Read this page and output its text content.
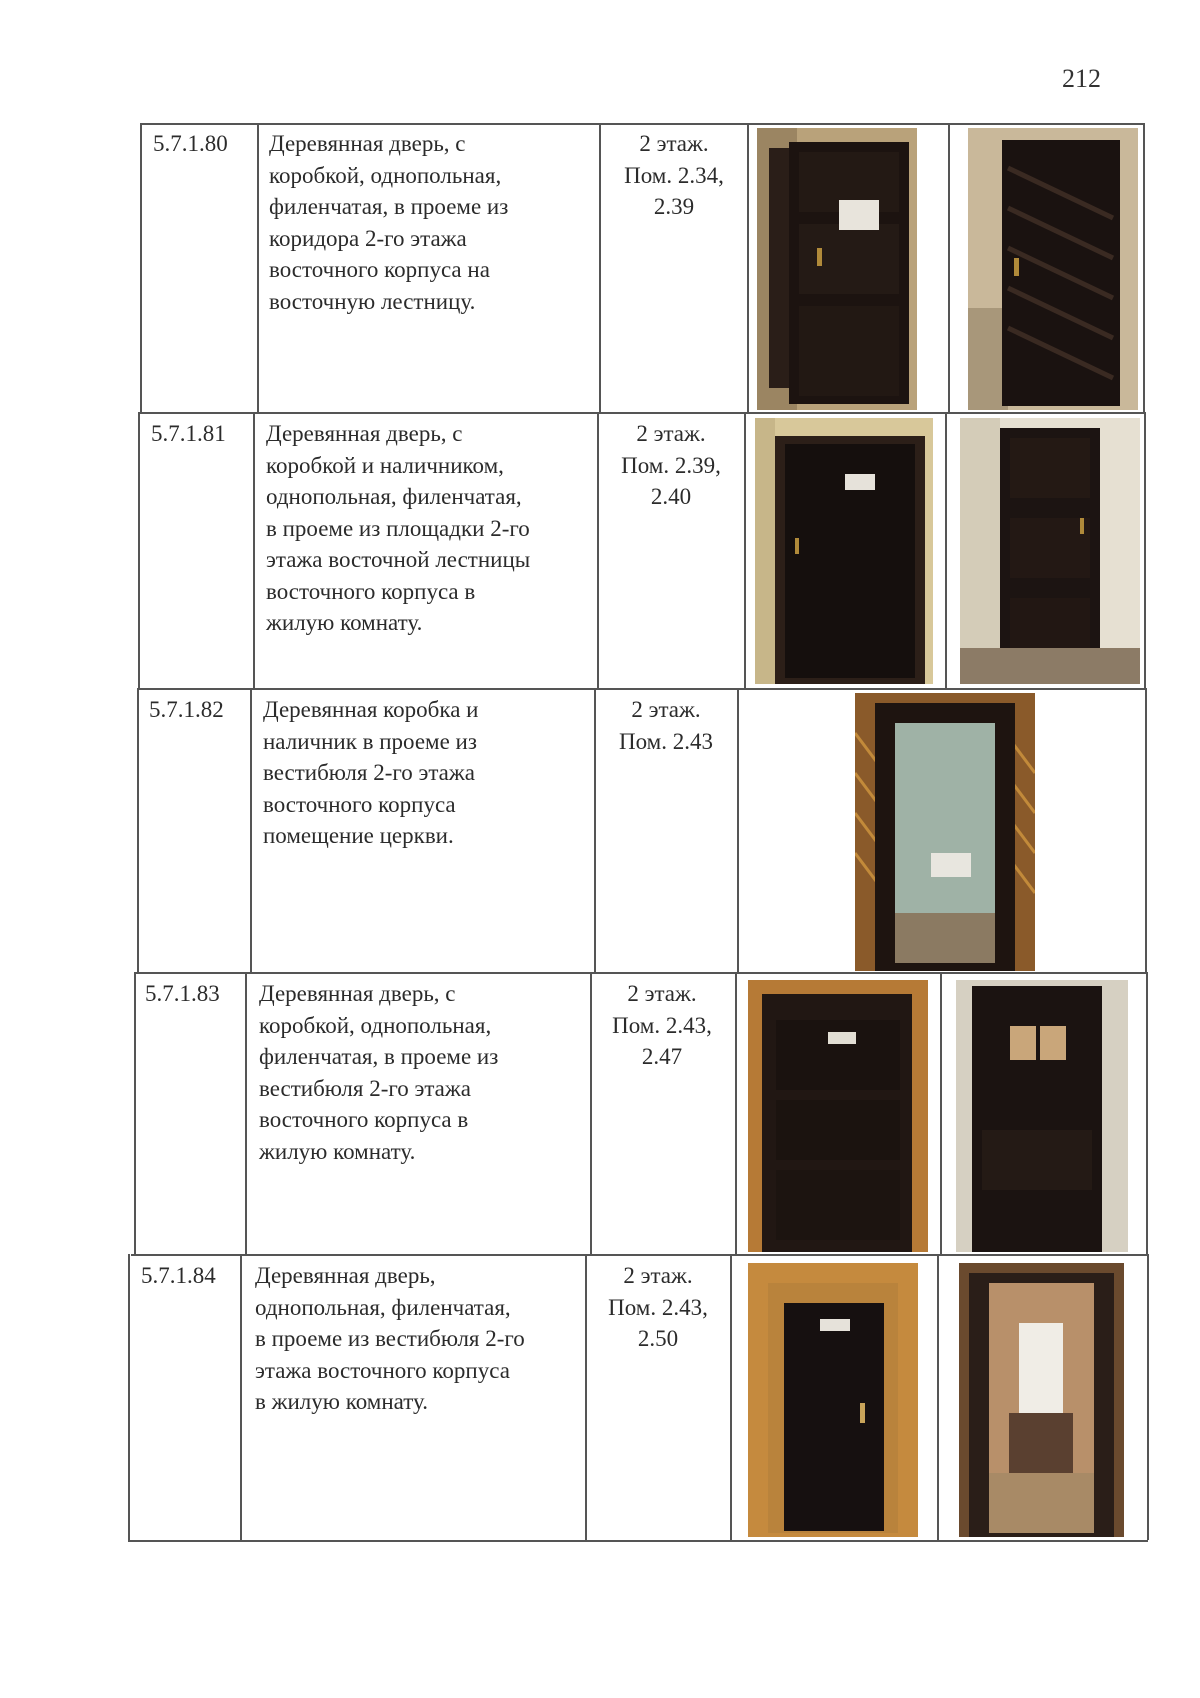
212
5.7.1.80 Деревянная дверь, с
коробкой, однопольная,
филенчатая, в проеме из
коридора 2-го этажа
восточного корпуса на
восточную лестницу.
2 этаж.
Пом. 2.34,
2.39
5.7.1.81 Деревянная дверь, с
коробкой и наличником,
однопольная, филенчатая,
в проеме из площадки 2-го
этажа восточной лестницы
восточного корпуса в
жилую комнату.
2 этаж.
Пом. 2.39,
2.40
5.7.1.82 Деревянная коробка и
наличник в проеме из
вестибюля 2-го этажа
восточного корпуса
помещение церкви.
2 этаж.
Пом. 2.43
5.7.1.83 Деревянная дверь, с
коробкой, однопольная,
филенчатая, в проеме из
вестибюля 2-го этажа
восточного корпуса в
жилую комнату.
2 этаж.
Пом. 2.43,
2.47
5.7.1.84 Деревянная дверь,
однопольная, филенчатая,
в проеме из вестибюля 2-го
этажа восточного корпуса
в жилую комнату.
2 этаж.
Пом. 2.43,
2.50
